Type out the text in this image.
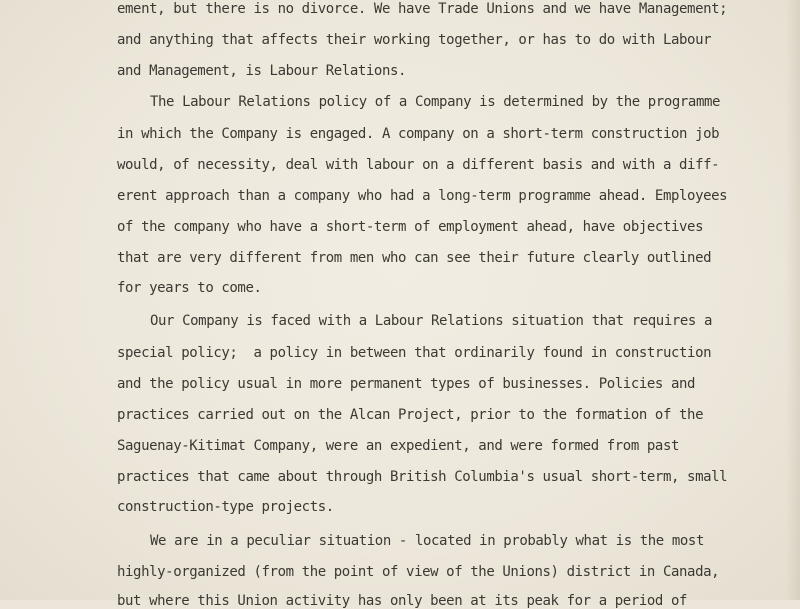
ement, but there is no divorce. We have Trade Unions and we have Management;
and anything that affects their working together, or has to do with Labour
and Management, is Labour Relations.
The Labour Relations policy of a Company is determined by the programme
in which the Company is engaged. A company on a short-term construction job
would, of necessity, deal with labour on a different basis and with a diff-
erent approach than a company who had a long-term programme ahead. Employees
of the company who have a short-term of employment ahead, have objectives
that are very different from men who can see their future clearly outlined
for years to come.
Our Company is faced with a Labour Relations situation that requires a
special policy;  a policy in between that ordinarily found in construction
and the policy usual in more permanent types of businesses. Policies and
practices carried out on the Alcan Project, prior to the formation of the
Saguenay-Kitimat Company, were an expedient, and were formed from past
practices that came about through British Columbia's usual short-term, small
construction-type projects.
We are in a peculiar situation - located in probably what is the most
highly-organized (from the point of view of the Unions) district in Canada,
but where this Union activity has only been at its peak for a period of
